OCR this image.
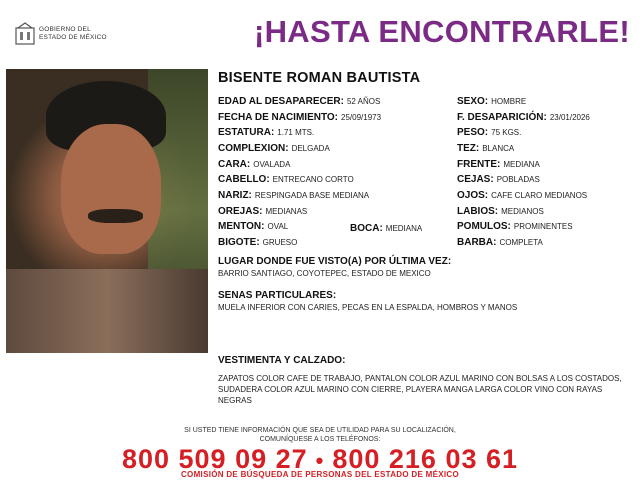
GOBIERNO DEL
ESTADO DE MÉXICO	¡HASTA ENCONTRARLE!
BISENTE ROMAN BAUTISTA
EDAD AL DESAPARECER: 52 AÑOS
FECHA DE NACIMIENTO: 25/09/1973
ESTATURA: 1.71 MTS.
COMPLEXION: DELGADA
CARA: OVALADA
CABELLO: ENTRECANO CORTO
NARIZ: RESPINGADA BASE MEDIANA
OREJAS: MEDIANAS
MENTON: OVAL	BOCA: MEDIANA
BIGOTE: GRUESO
SEXO: HOMBRE
F. DESAPARICIÓN: 23/01/2026
PESO: 75 KGS.
TEZ: BLANCA
FRENTE: MEDIANA
CEJAS: POBLADAS
OJOS: CAFE CLARO MEDIANOS
LABIOS: MEDIANOS
POMULOS: PROMINENTES
BARBA: COMPLETA
LUGAR DONDE FUE VISTO(A) POR ÚLTIMA VEZ:
BARRIO SANTIAGO, COYOTEPEC, ESTADO DE MEXICO
SENAS PARTICULARES:
MUELA INFERIOR CON CARIES, PECAS EN LA ESPALDA, HOMBROS Y MANOS
VESTIMENTA Y CALZADO:
ZAPATOS COLOR CAFE DE TRABAJO, PANTALON COLOR AZUL MARINO CON BOLSAS A LOS COSTADOS, SUDADERA COLOR AZUL MARINO CON CIERRE, PLAYERA MANGA LARGA COLOR VINO CON RAYAS NEGRAS
SI USTED TIENE INFORMACIÓN QUE SEA DE UTILIDAD PARA SU LOCALIZACIÓN,
COMUNÍQUESE A LOS TELÉFONOS:
800 509 09 27 • 800 216 03 61
COMISIÓN DE BÚSQUEDA DE PERSONAS DEL ESTADO DE MÉXICO
